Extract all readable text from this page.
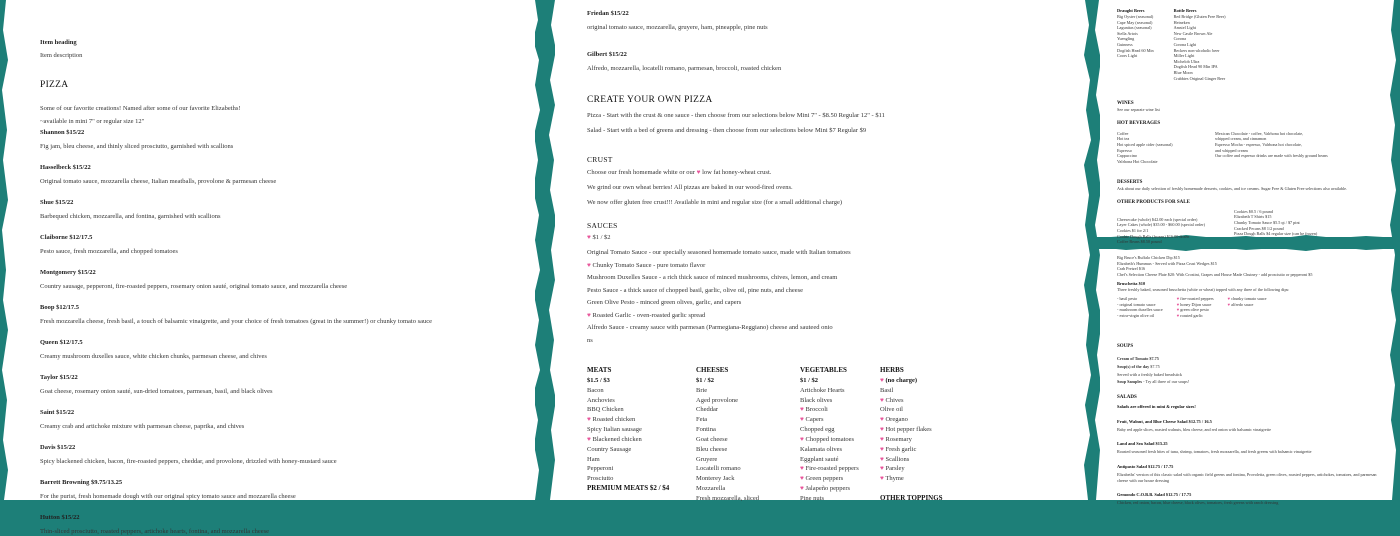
Item heading

Item description

PIZZA

Some of our favorite creations! Named after some of our favorite Elizabeths!

~available in mini 7" or regular size 12"

Shannon $15/22

Fig jam, bleu cheese, and thinly sliced prosciutto, garnished with scallions

Hasselbeck $15/22

Original tomato sauce, mozzarella cheese, Italian meatballs, provolone & parmesan cheese

Shue $15/22

Barbequed chicken, mozzarella, and fontina, garnished with scallions

Claiborne $12/17.5

Pesto sauce, fresh mozzarella, and chopped tomatoes

Montgomery $15/22

Country sausage, pepperoni, fire-roasted peppers, rosemary onion sauté, original tomato sauce, and mozzarella cheese

Boop $12/17.5

Fresh mozzarella cheese, fresh basil, a touch of balsamic vinaigrette, and your choice of fresh tomatoes (great in the summer!) or chunky tomato sauce

Queen $12/17.5

Creamy mushroom duxelles sauce, white chicken chunks, parmesan cheese, and chives

Taylor $15/22

Goat cheese, rosemary onion sauté, sun-dried tomatoes, parmesan, basil, and black olives

Saint $15/22

Creamy crab and artichoke mixture with parmesan cheese, paprika, and chives

Davis $15/22

Spicy blackened chicken, bacon, fire-roasted peppers, cheddar, and provolone, drizzled with honey-mustard sauce

Barrett Browning $9.75/13.25

For the purist, fresh homemade dough with our original spicy tomato sauce and mozzarella cheese

Hutton $15/22

Thin-sliced prosciutto, roasted peppers, artichoke hearts, fontina, and mozzarella cheese

Friedan $15/22

original tomato sauce, mozzarella, gruyere, ham, pineapple, pine nuts

Gilbert $15/22

Alfredo, mozzarella, locatelli romano, parmesan, broccoli, roasted chicken

CREATE YOUR OWN PIZZA

Pizza - Start with the crust & one sauce - then choose from our selections below Mini 7" - $8.50 Regular 12" - $11

Salad - Start with a bed of greens and dressing - then choose from our selections below Mini $7 Regular $9

CRUST

Choose our fresh homemade white or our ♥ low fat honey-wheat crust.

We grind our own wheat berries! All pizzas are baked in our wood-fired ovens.

We now offer gluten free crust!!! Available in mini and regular size (for a small additional charge)

SAUCES

♥ $1 / $2

Original Tomato Sauce - our specially seasoned homemade tomato sauce, made with Italian tomatoes

♥ Chunky Tomato Sauce - pure tomato flavor

Mushroom Duxelles Sauce - a rich thick sauce of minced mushrooms, chives, lemon, and cream

Pesto Sauce - a thick sauce of chopped basil, garlic, olive oil, pine nuts, and cheese

Green Olive Pesto - minced green olives, garlic, and capers

♥ Roasted Garlic - oven-roasted garlic spread

Alfredo Sauce - creamy sauce with parmesan (Parmegiana-Reggiano) cheese and sauteed onio

ns

MEATS
$1.5 / $3
Bacon
Anchovies
BBQ Chicken
♥ Roasted chicken
Spicy Italian sausage
♥ Blackened chicken
Country Sausage
Ham
Pepperoni
Prosciutto
PREMIUM MEATS $2 / $4
CHEESES
$1 / $2
Brie
Aged provolone
Cheddar
Feta
Fontina
Goat cheese
Bleu cheese
Gruyere
Locatelli romano
Monterey Jack
Mozzarella
Fresh mozzarella, sliced
VEGETABLES
$1 / $2
Artichoke Hearts
Black olives
♥ Broccoli
♥ Capers
Chopped egg
♥ Chopped tomatoes
Kalamata olives
Eggplant sauté
♥ Fire-roasted peppers
♥ Green peppers
♥ Jalapeño peppers
Pine nuts
HERBS
♥ (no charge)
Basil
♥ Chives
Olive oil
♥ Oregano
♥ Hot pepper flakes
♥ Rosemary
♥ Fresh garlic
♥ Scallions
♥ Parsley
♥ Thyme
OTHER TOPPINGS

Draught Beers

Big Oyster (seasonal)

Cape May (seasonal)

Lagunitas (seasonal)

Stella Artois

Yuengling

Guinness

Dogfish Head 60 Min

Coors Light

Bottle Beers

Red Bridge (Gluten Free Beer)

Heineken

Amstel Light

New Castle Brown Ale

Corona

Corona Light

Beckers non-alcoholic beer

Miller Light

Michelob Ultra

Dogfish Head 90 Min IPA

Blue Moon

Crabbies Original Ginger Beer

WINES

See our separate wine list

HOT BEVERAGES

Coffee

Hot tea

Hot spiced apple cider (seasonal)

Espresso

Cappuccino

Valrhona Hot Chocolate

Mexican Chocolate - coffee, Valrhona hot chocolate,

whipped cream, and cinnamon

Espresso Mocha - espresso, Valrhona hot chocolate,

and whipped cream

Our coffee and espresso drinks are made with freshly ground beans

DESSERTS

Ask about our daily selection of freshly homemade desserts, cookies, and ice creams. Sugar Free & Gluten Free selections also available.

OTHER PRODUCTS FOR SALE

Cheesecake (whole) $42.00 each (special order)

Layer Cakes (whole) $35.00 - $60.00 (special order)

Cookies $1 for 2/1

Cookie Dough Balls (frozen) $16.00 dozen

Coffee Beans $8.50 pound

Cookies $0.5 / 6 pound

Elizabeth T Shirts $15

Chunky Tomato Sauce $5.5 qt / $7 pint

Cracked Pecans $8 1/2 pound

Pizza Dough Balls $4 regular size (can be frozen)

Big Bruce's Buffalo Chicken Dip $15

Elizabeth's Hummus - Served with Pizza Crust Wedges $15

Crab Pretzel $16

Chef's Selection Cheese Plate $20: With Crostini, Grapes and House Made Chutney - add prosciutto or pepperoni $5

Bruschetta $10

Three freshly baked, seasoned bruschetta (white or wheat) topped with any three of the following dips:

- basil pesto

- original tomato sauce

- mushroom duxelles sauce

- extra-virgin olive oil

♥ fire-roasted peppers

♥ honey Dijon sauce

♥ green olive pesto

♥ roasted garlic

♥ chunky tomato sauce

♥ alfredo sauce

SOUPS

Cream of Tomato $7.75

Soup(s) of the day $7.75

Served with a freshly baked breadstick

Soup Samples - Try all three of our soups!

SALADS

Salads are offered in mini & regular sizes!

Fruit, Walnut, and Blue Cheese Salad $12.75 / 16.5

Baby red apple slices, roasted walnuts, bleu cheese, and red onion with balsamic vinaigrette

Land and Sea Salad $15.25

Roasted seasoned fresh bites of tuna, shrimp, tomatoes, fresh mozzarella, and fresh greens with balsamic vinaigrette

Antipasto Salad $12.75 / 17.75

Elizabeths' version of this classic salad with organic field greens and fontina, Provoletta, green olives, roasted peppers, artichokes, tomatoes, and parmesan cheese with our house dressing

Gemondo C.O.B.B. Salad $12.75 / 17.75

Chicken, red onion, bacon, blue cheese, black olives, tomatoes, fresh greens with ranch dressing
